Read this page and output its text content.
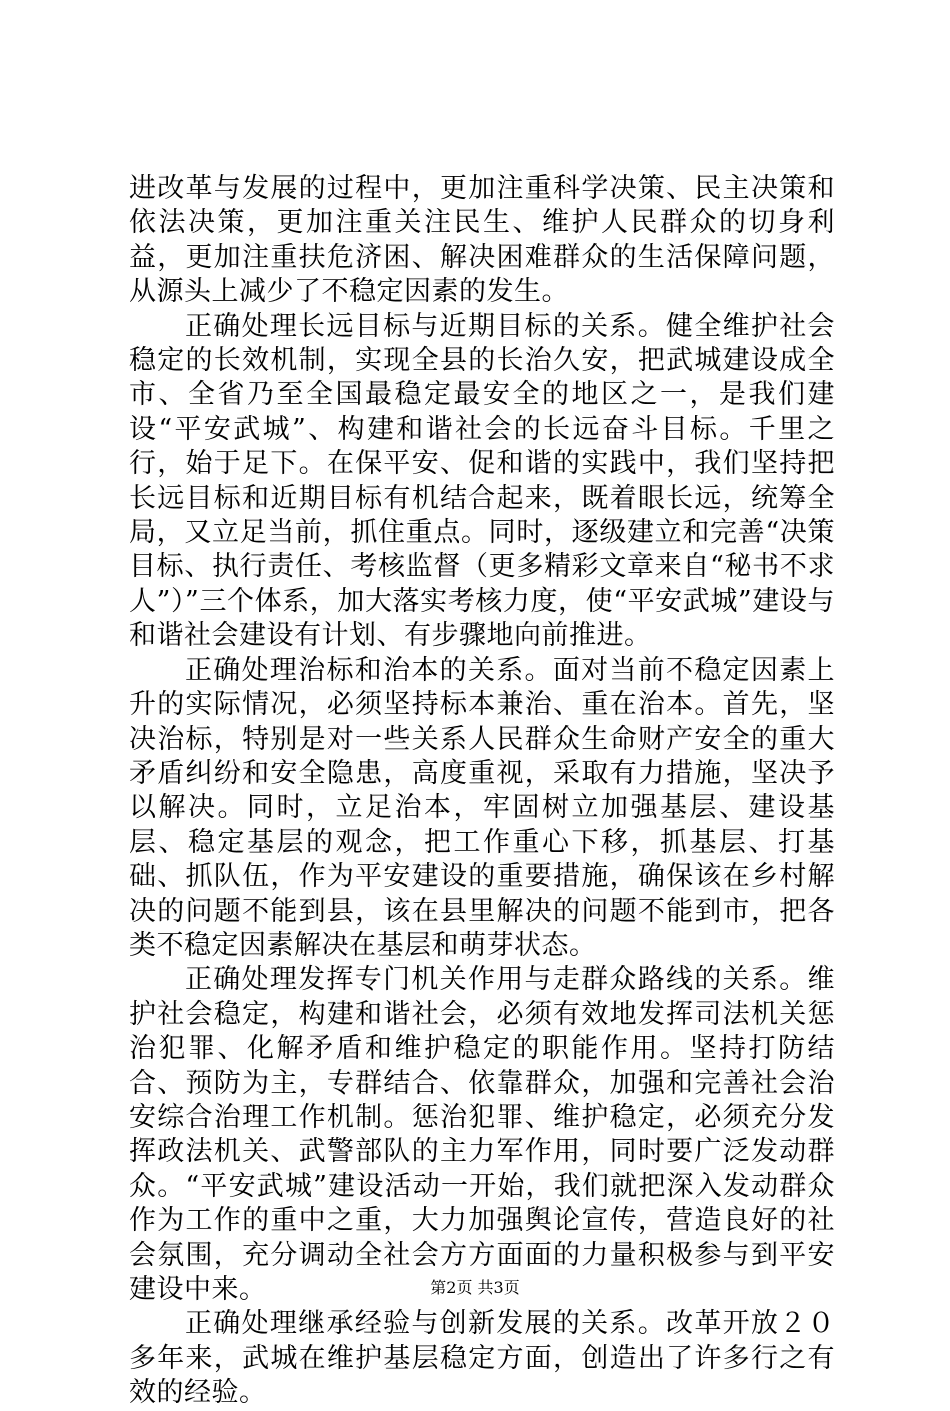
进改革与发展的过程中，更加注重科学决策、民主决策和依法决策，更加注重关注民生、维护人民群众的切身利益，更加注重扶危济困、解决困难群众的生活保障问题，从源头上减少了不稳定因素的发生。

正确处理长远目标与近期目标的关系。健全维护社会稳定的长效机制，实现全县的长治久安，把武城建设成全市、全省乃至全国最稳定最安全的地区之一，是我们建设“平安武城”、构建和谐社会的长远奋斗目标。千里之行，始于足下。在保平安、促和谐的实践中，我们坚持把长远目标和近期目标有机结合起来，既着眼长远，统筹全局，又立足当前，抓住重点。同时，逐级建立和完善“决策目标、执行责任、考核监督（更多精彩文章来自“秘书不求人”）”三个体系，加大落实考核力度，使“平安武城”建设与和谐社会建设有计划、有步骤地向前推进。

正确处理治标和治本的关系。面对当前不稳定因素上升的实际情况，必须坚持标本兼治、重在治本。首先，坚决治标，特别是对一些关系人民群众生命财产安全的重大矛盾纠纷和安全隐患，高度重视，采取有力措施，坚决予以解决。同时，立足治本，牢固树立加强基层、建设基层、稳定基层的观念，把工作重心下移，抓基层、打基础、抓队伍，作为平安建设的重要措施，确保该在乡村解决的问题不能到县，该在县里解决的问题不能到市，把各类不稳定因素解决在基层和萌芽状态。

正确处理发挥专门机关作用与走群众路线的关系。维护社会稳定，构建和谐社会，必须有效地发挥司法机关惩治犯罪、化解矛盾和维护稳定的职能作用。坚持打防结合、预防为主，专群结合、依靠群众，加强和完善社会治安综合治理工作机制。惩治犯罪、维护稳定，必须充分发挥政法机关、武警部队的主力军作用，同时要广泛发动群众。“平安武城”建设活动一开始，我们就把深入发动群众作为工作的重中之重，大力加强舆论宣传，营造良好的社会氛围，充分调动全社会方方面面的力量积极参与到平安建设中来。

正确处理继承经验与创新发展的关系。改革开放２０多年来，武城在维护基层稳定方面，创造出了许多行之有效的经验。

第2页 共3页
